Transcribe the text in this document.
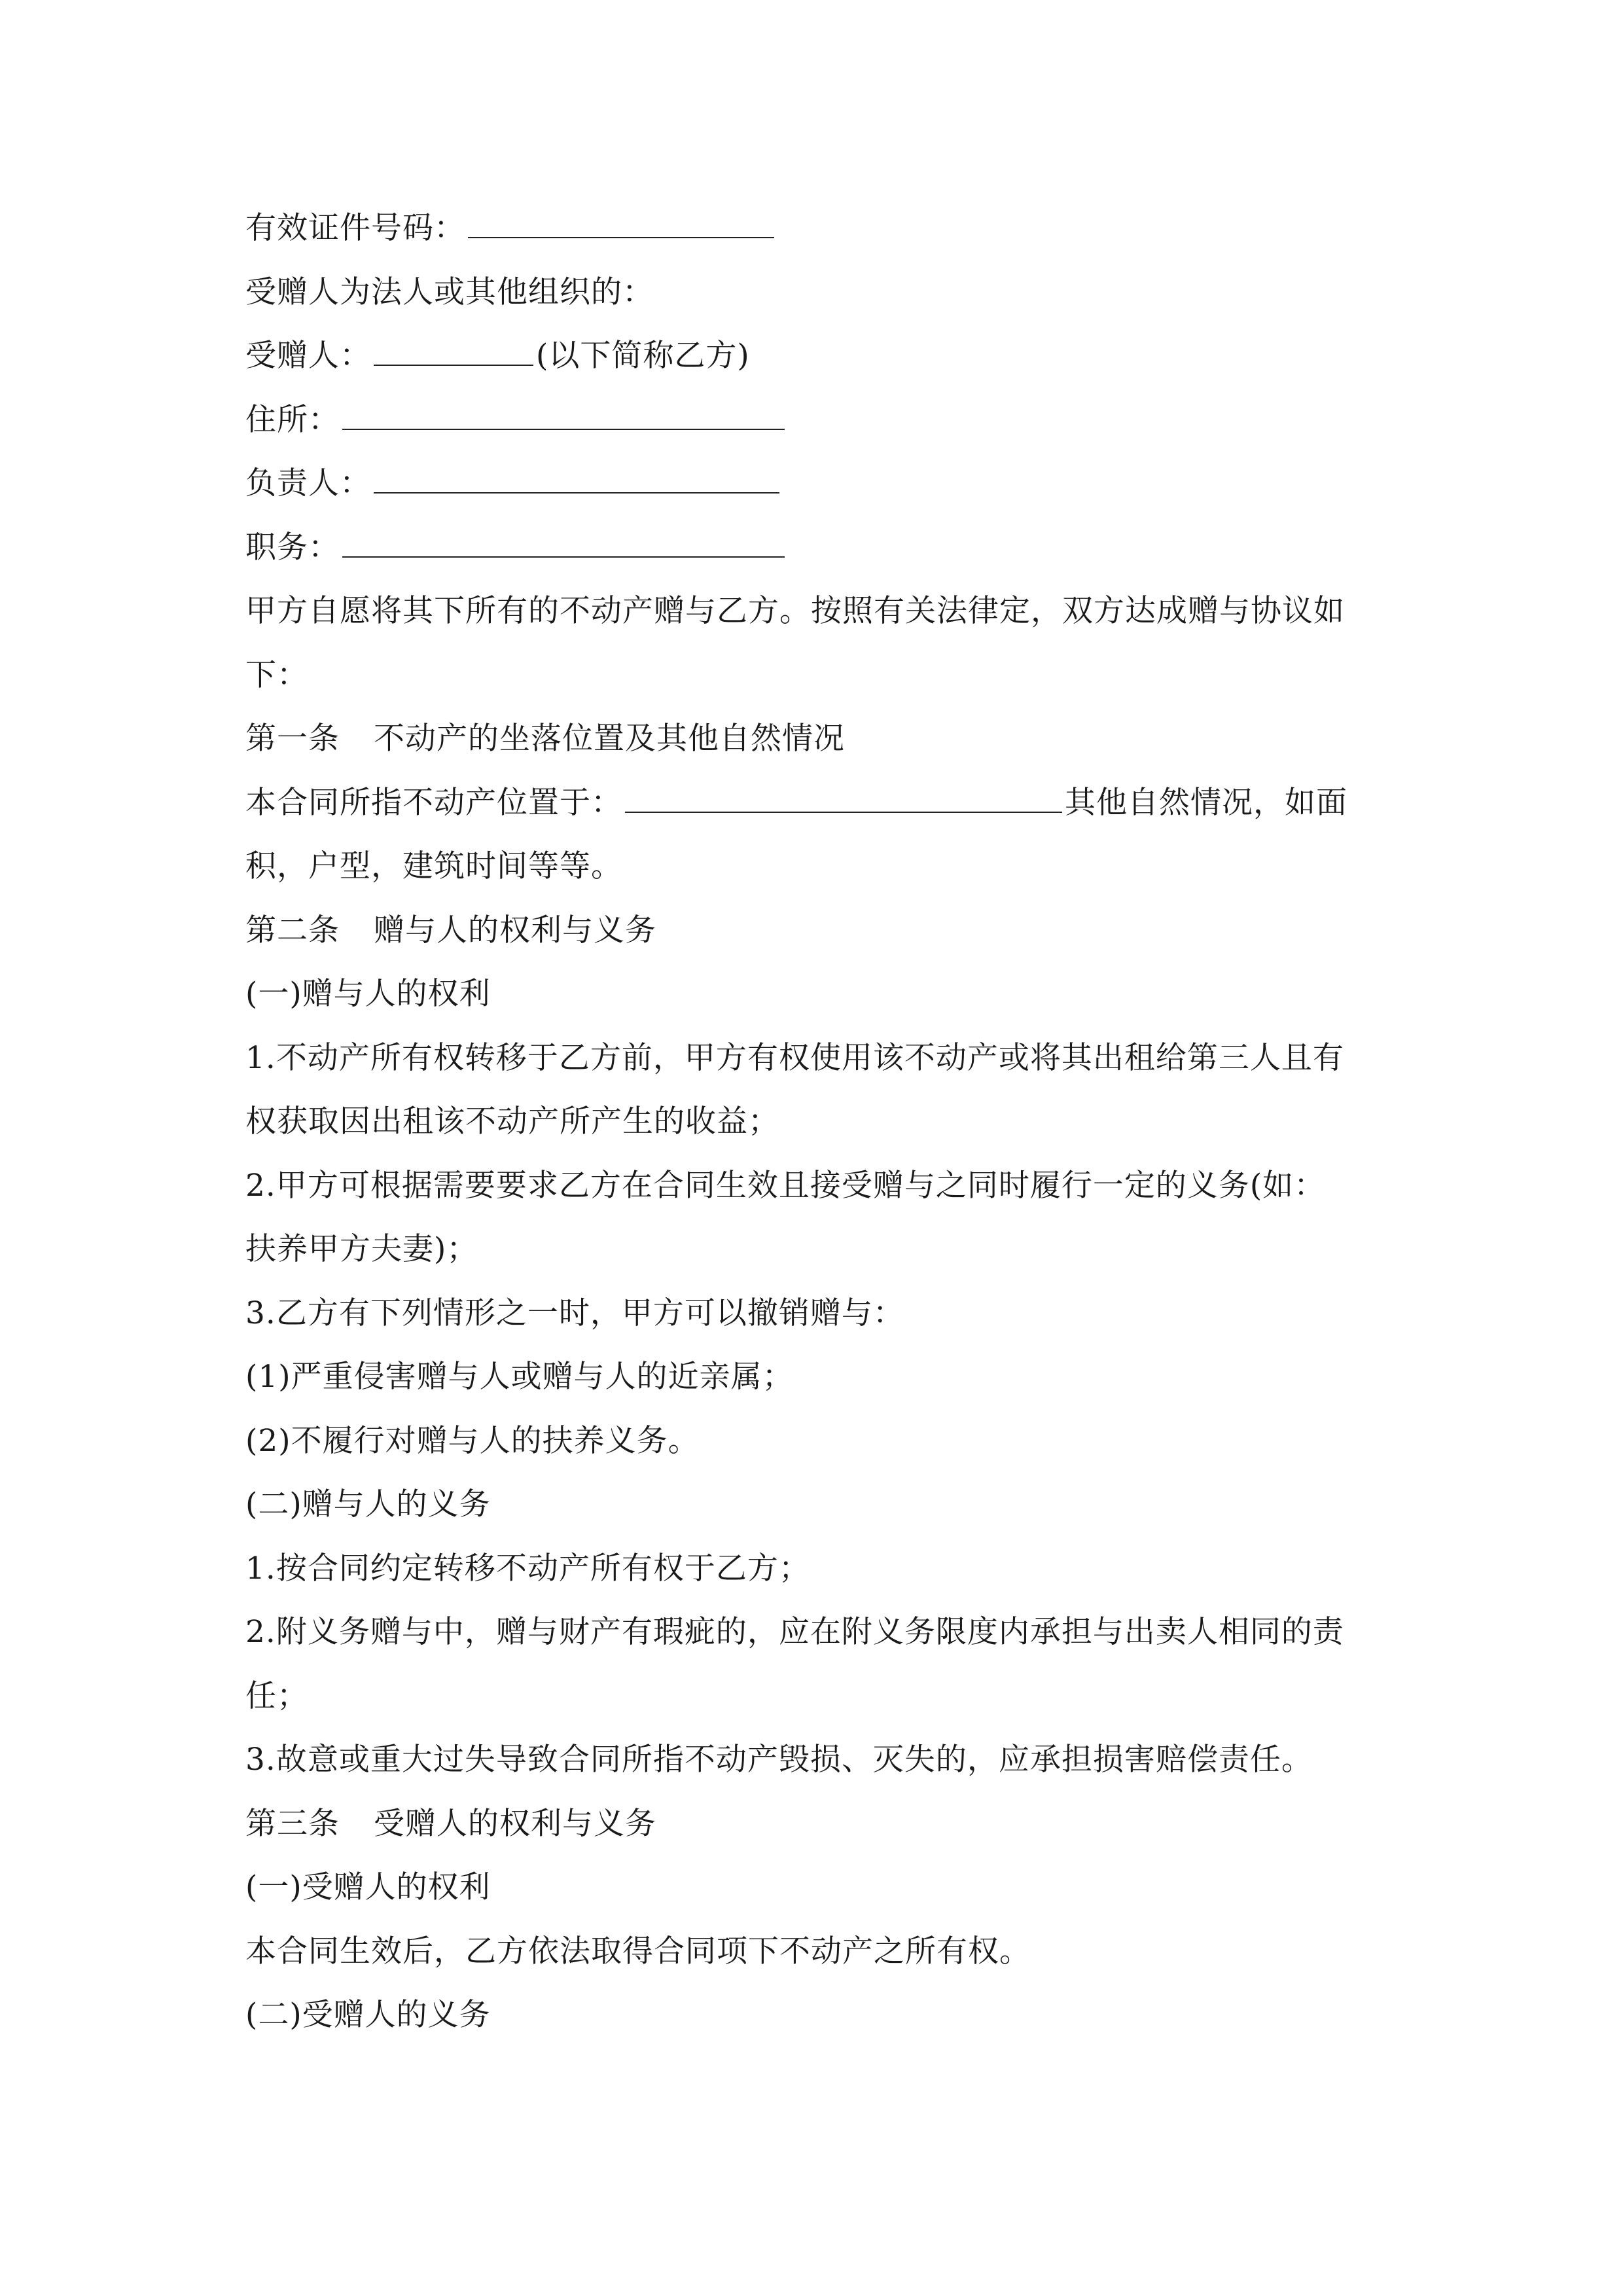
有效证件号码：
受赠人为法人或其他组织的：
受赠人：	(以下简称乙方)
住所：
负责人：
职务：
甲方自愿将其下所有的不动产赠与乙方。按照有关法律定，双方达成赠与协议如
下：
第一条 不动产的坐落位置及其他自然情况
本合同所指不动产位置于：	其他自然情况，如面
积，户型，建筑时间等等。
第二条 赠与人的权利与义务
(一)赠与人的权利
1.不动产所有权转移于乙方前，甲方有权使用该不动产或将其出租给第三人且有
权获取因出租该不动产所产生的收益；
2.甲方可根据需要要求乙方在合同生效且接受赠与之同时履行一定的义务(如：
扶养甲方夫妻)；
3.乙方有下列情形之一时，甲方可以撤销赠与：
(1)严重侵害赠与人或赠与人的近亲属；
(2)不履行对赠与人的扶养义务。
(二)赠与人的义务
1.按合同约定转移不动产所有权于乙方；
2.附义务赠与中，赠与财产有瑕疵的，应在附义务限度内承担与出卖人相同的责
任；
3.故意或重大过失导致合同所指不动产毁损、灭失的，应承担损害赔偿责任。
第三条 受赠人的权利与义务
(一)受赠人的权利
本合同生效后，乙方依法取得合同项下不动产之所有权。
(二)受赠人的义务
